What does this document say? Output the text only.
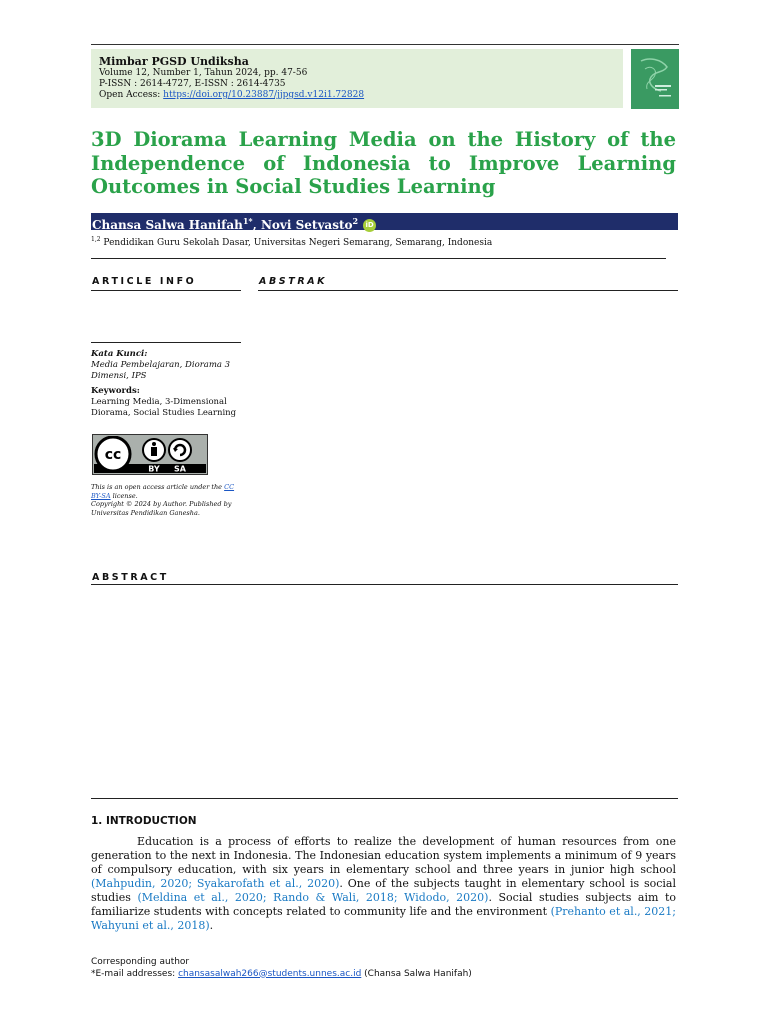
Mimbar PGSD Undiksha
Volume 12, Number 1, Tahun 2024, pp. 47-56
P-ISSN : 2614-4727, E-ISSN : 2614-4735
Open Access: https://doi.org/10.23887/jjpgsd.v12i1.72828
3D Diorama Learning Media on the History of the Independence of Indonesia to Improve Learning Outcomes in Social Studies Learning
Chansa Salwa Hanifah$^{1*}$, Novi Setyasto$^2$ iD
$^{1,2}$ Pendidikan Guru Sekolah Dasar, Universitas Negeri Semarang, Semarang, Indonesia
ARTICLE INFO	ABSTRAK
Kata Kunci:
Media Pembelajaran, Diorama 3 Dimensi, IPS
Keywords:
Learning Media, 3-Dimensional Diorama, Social Studies Learning
cc
BY SA
This is an open access article under the CC BY-SA license.
Copyright © 2024 by Author. Published by Universitas Pendidikan Ganesha.
ABSTRACT
1. INTRODUCTION
Education is a process of efforts to realize the development of human resources from one generation to the next in Indonesia. The Indonesian education system implements a minimum of 9 years of compulsory education, with six years in elementary school and three years in junior high school (Mahpudin, 2020; Syakarofath et al., 2020). One of the subjects taught in elementary school is social studies (Meldina et al., 2020; Rando & Wali, 2018; Widodo, 2020). Social studies subjects aim to familiarize students with concepts related to community life and the environment (Prehanto et al., 2021; Wahyuni et al., 2018).
Corresponding author
*E-mail addresses: chansasalwah266@students.unnes.ac.id (Chansa Salwa Hanifah)
